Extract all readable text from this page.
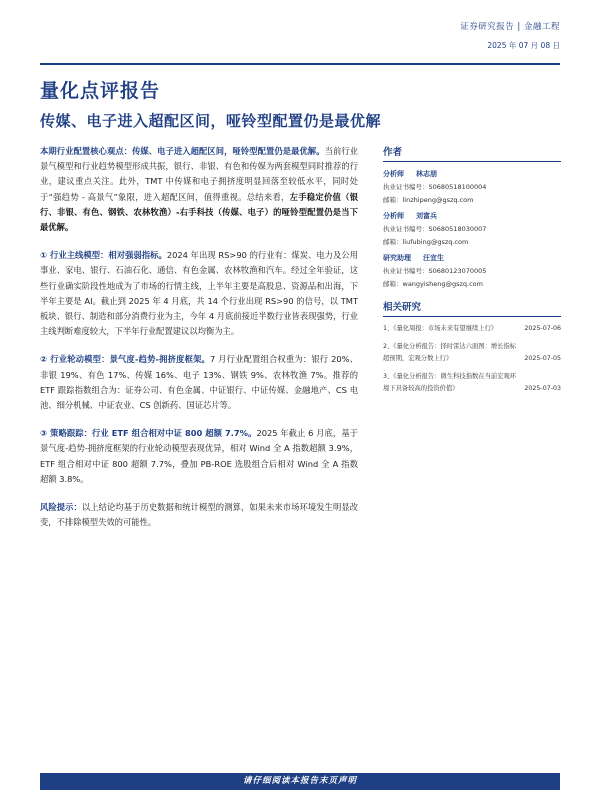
证券研究报告 | 金融工程
2025 年 07 月 08 日
量化点评报告
传媒、电子进入超配区间，哑铃型配置仍是最优解

本期行业配置核心观点：传媒、电子进入超配区间，哑铃型配置仍是最优解。当前行业景气模型和行业趋势模型形成共振，银行、非银、有色和传媒为两套模型同时推荐的行业，建议重点关注。此外，TMT 中传媒和电子拥挤度明显回落至较低水平，同时处于“强趋势 - 高景气”象限，进入超配区间，值得重视。总结来看，左手稳定价值（银行、非银、有色、钢铁、农林牧渔）-右手科技（传媒、电子）的哑铃型配置仍是当下最优解。

① 行业主线模型：相对强弱指标。2024 年出现 RS>90 的行业有：煤炭、电力及公用事业、家电、银行、石油石化、通信、有色金属、农林牧渔和汽车。经过全年验证，这些行业确实阶段性地成为了市场的行情主线，上半年主要是高股息、资源品和出海，下半年主要是 AI。截止到 2025 年 4 月底，共 14 个行业出现 RS>90 的信号，以 TMT 板块、银行、制造和部分消费行业为主，今年 4 月底前接近半数行业皆表现强势，行业主线判断难度较大，下半年行业配置建议以均衡为主。

② 行业轮动模型：景气度-趋势-拥挤度框架。7 月行业配置组合权重为：银行 20%、非银 19%、有色 17%、传媒 16%、电子 13%、钢铁 9%、农林牧渔 7%。推荐的 ETF 跟踪指数组合为：证券公司、有色金属、中证银行、中证传媒、金融地产、CS 电池、细分机械、中证农业、CS 创新药、国证芯片等。

③ 策略跟踪：行业 ETF 组合相对中证 800 超额 7.7%。2025 年截止 6 月底，基于景气度-趋势-拥挤度框架的行业轮动模型表现优异，相对 Wind 全 A 指数超额 3.9%，ETF 组合相对中证 800 超额 7.7%，叠加 PB-ROE 选股组合后相对 Wind 全 A 指数超额 3.8%。

风险提示：以上结论均基于历史数据和统计模型的测算，如果未来市场环境发生明显改变，不排除模型失效的可能性。

作者
分析师 林志朋
执业证书编号：S0680518100004
邮箱：linzhipeng@gszq.com
分析师 刘富兵
执业证书编号：S0680518030007
邮箱：liufubing@gszq.com
研究助理 汪宜生
执业证书编号：S0680123070005
邮箱：wangyisheng@gszq.com
相关研究
1、《量化周报：市场未来有望继续上行》	2025-07-06
2、《量化分析报告：择时雷达六面图：增长指标超预期，宏观分数上行》	2025-07-05
3、《量化分析报告：微生科技指数在当前宏观环境下具备较高的投资价值》	2025-07-03
请仔细阅读本报告末页声明
